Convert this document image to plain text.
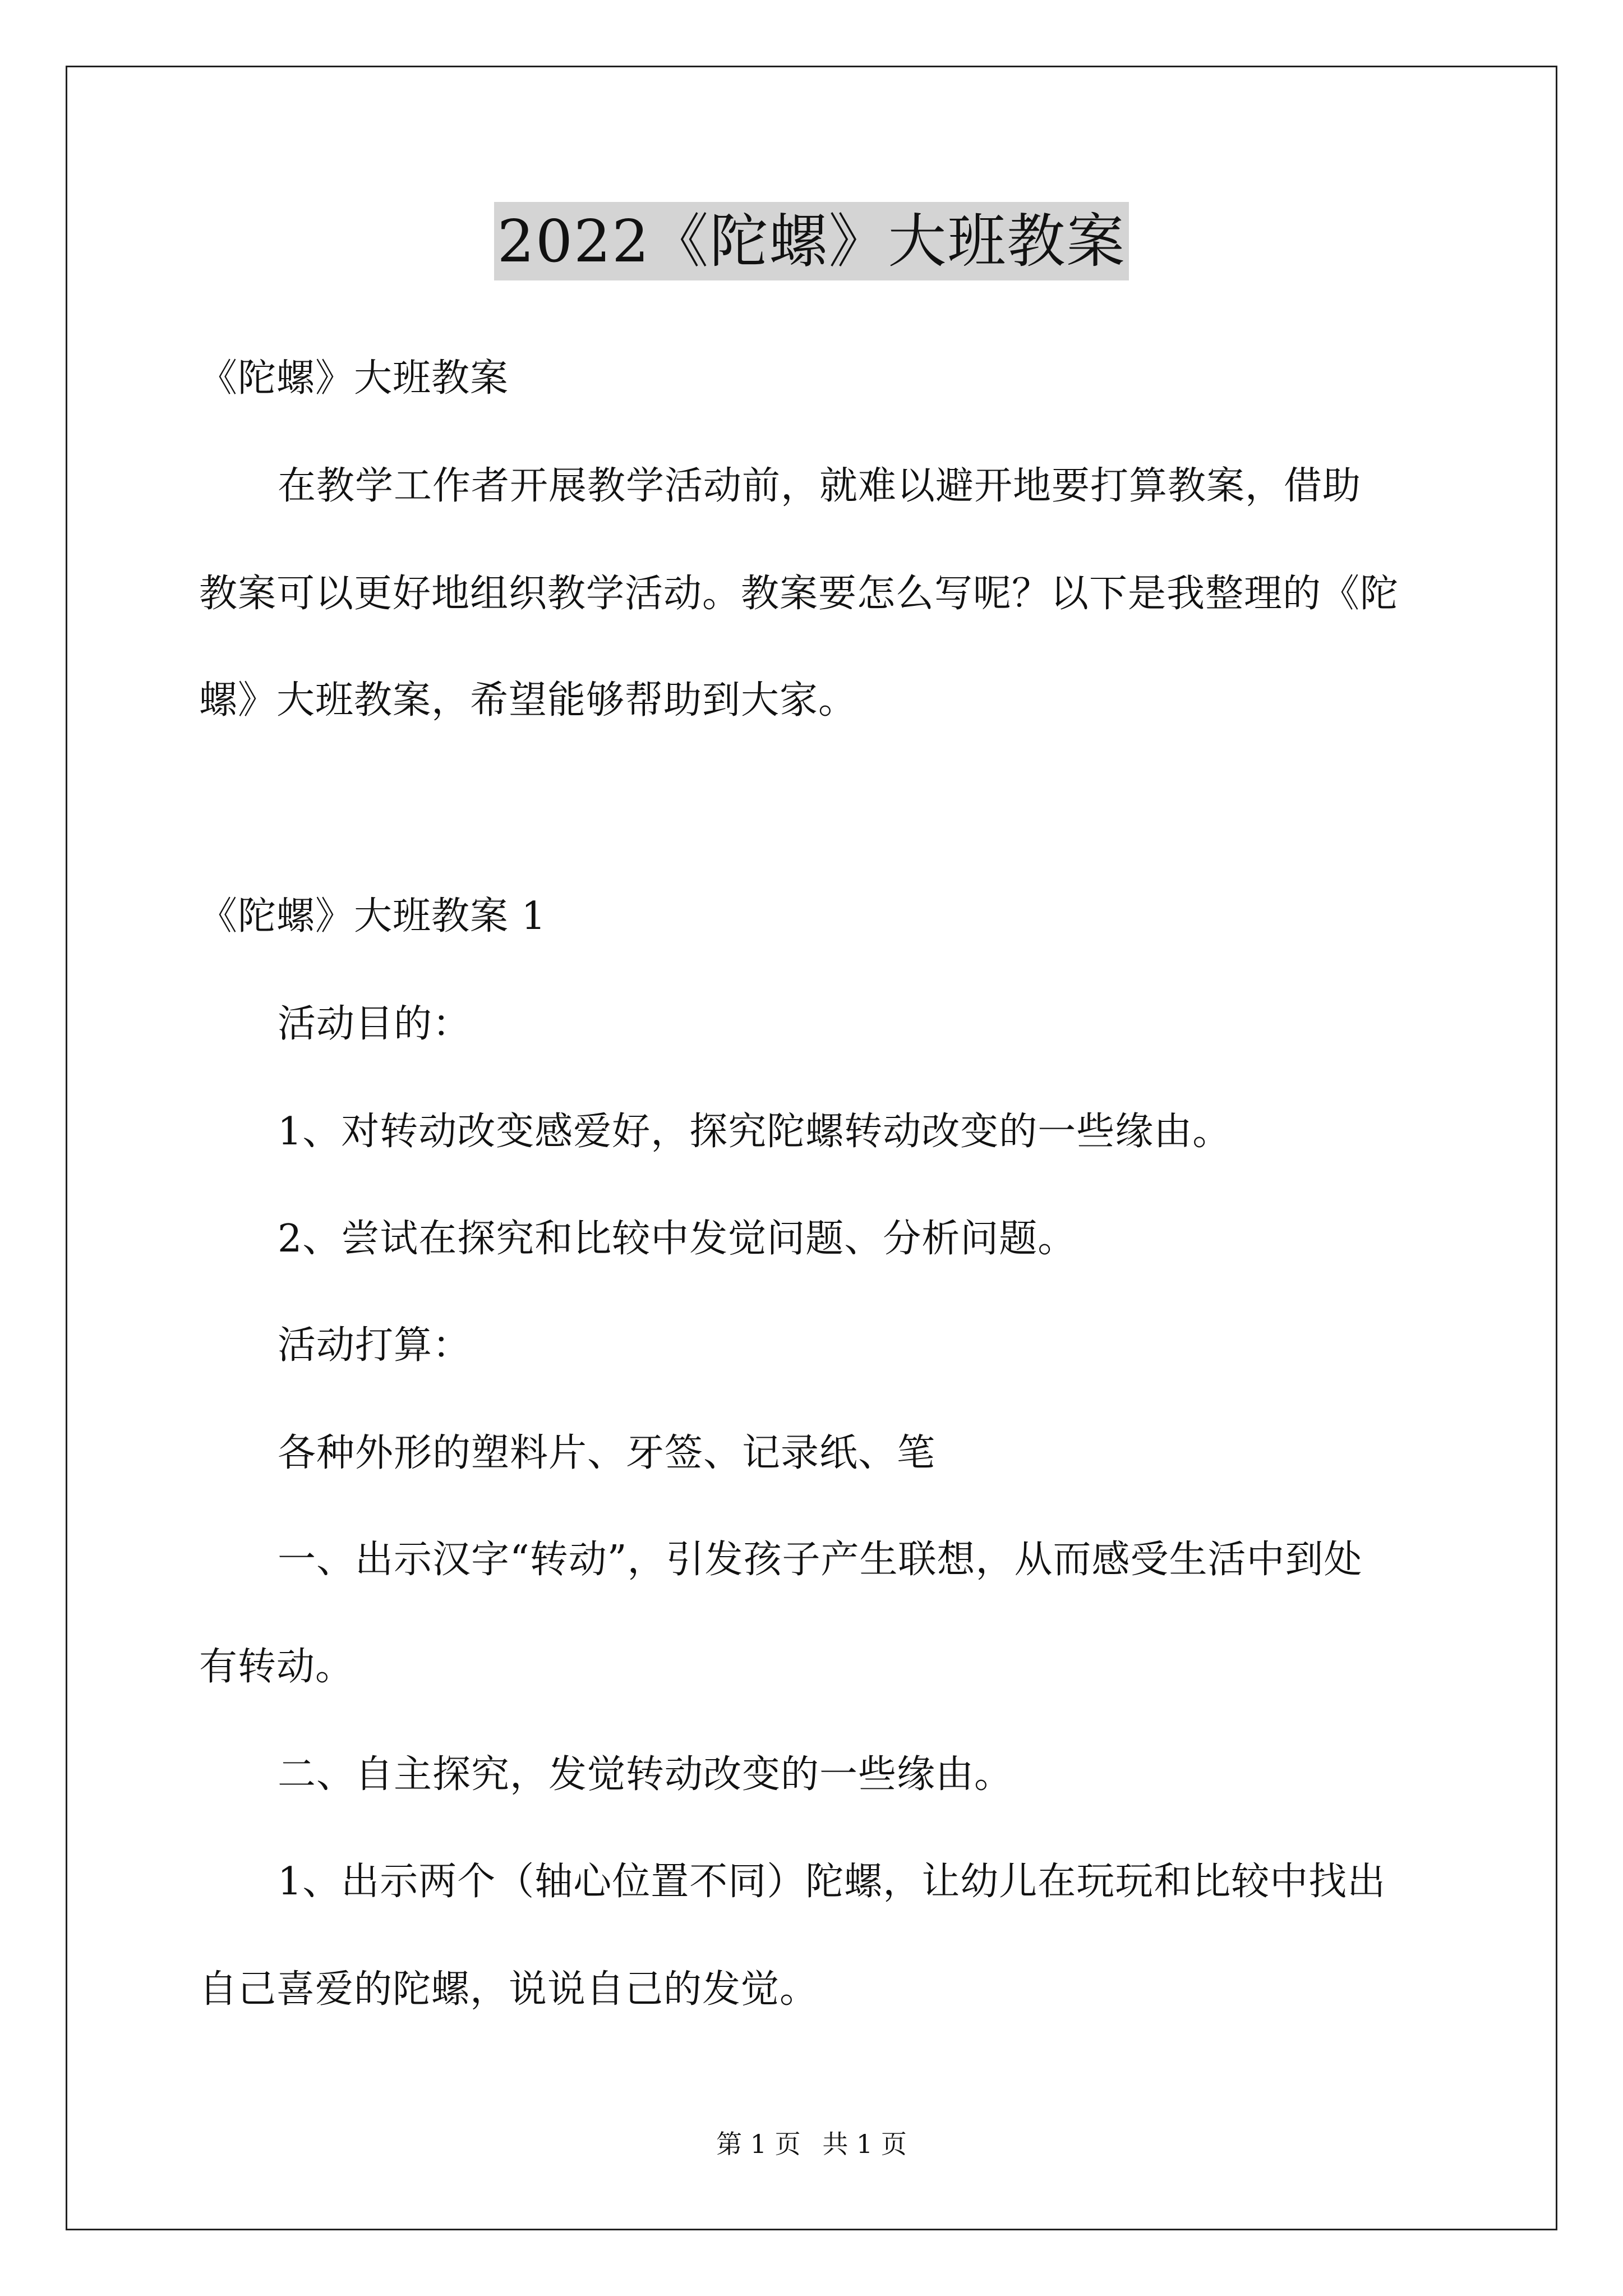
2022《陀螺》大班教案

《陀螺》大班教案

在教学工作者开展教学活动前，就难以避开地要打算教案，借助

教案可以更好地组织教学活动。教案要怎么写呢？以下是我整理的《陀

螺》大班教案，希望能够帮助到大家。

《陀螺》大班教案 1

活动目的：

1、对转动改变感爱好，探究陀螺转动改变的一些缘由。

2、尝试在探究和比较中发觉问题、分析问题。

活动打算：

各种外形的塑料片、牙签、记录纸、笔

一、出示汉字“转动”，引发孩子产生联想，从而感受生活中到处

有转动。

二、自主探究，发觉转动改变的一些缘由。

1、出示两个（轴心位置不同）陀螺，让幼儿在玩玩和比较中找出

自己喜爱的陀螺，说说自己的发觉。

第 1 页 共 1 页
